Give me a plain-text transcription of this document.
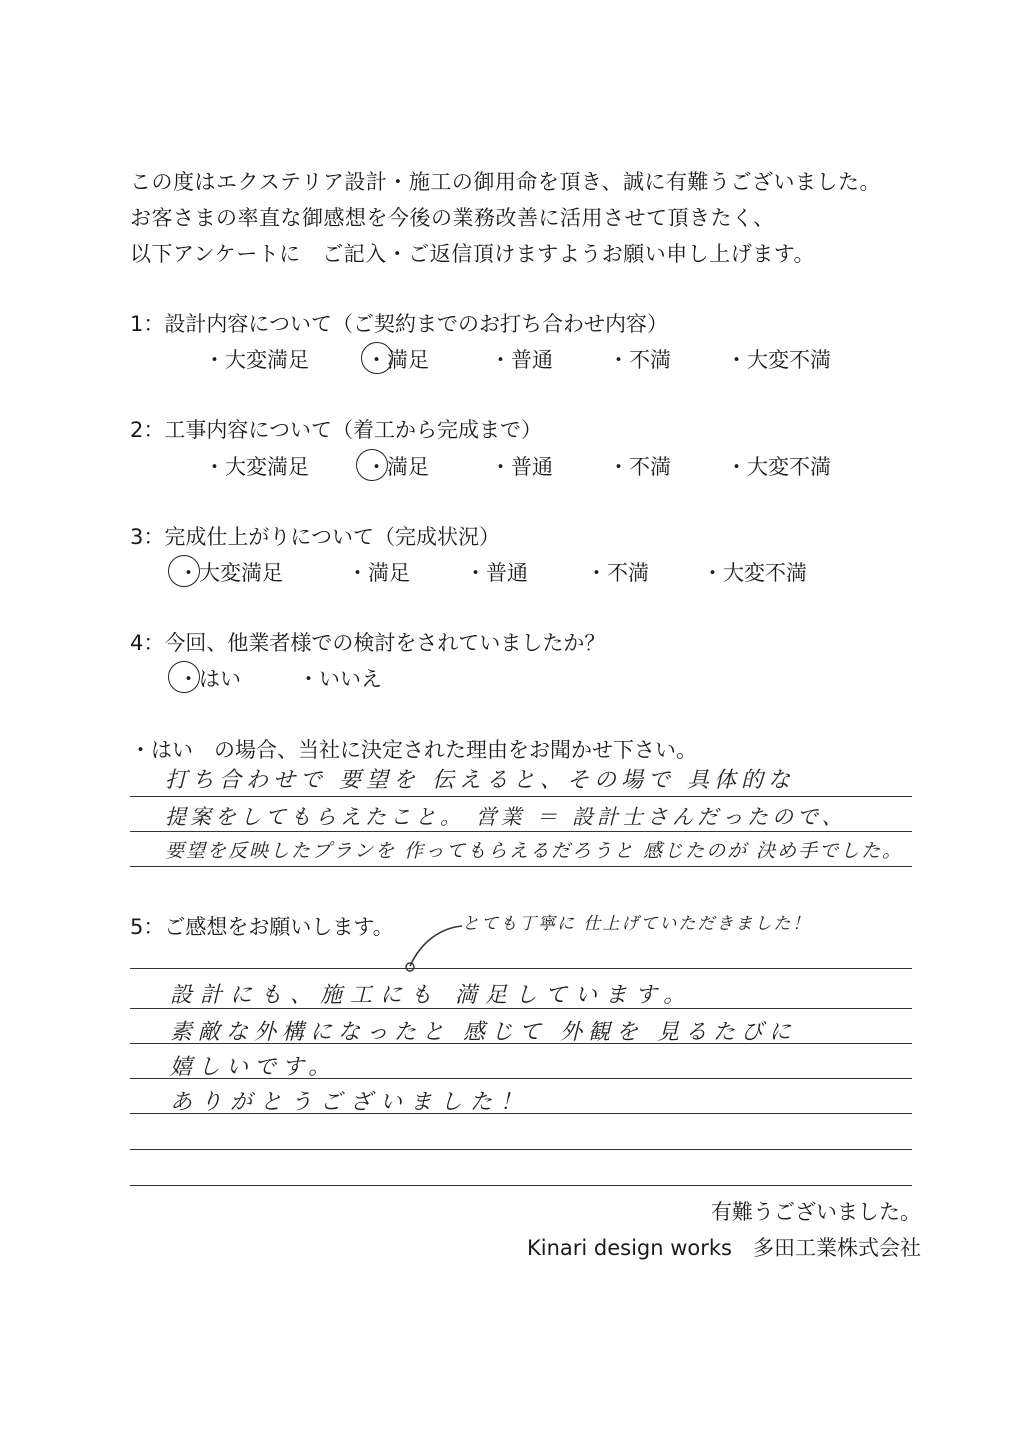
この度はエクステリア設計・施工の御用命を頂き、誠に有難うございました。
お客さまの率直な御感想を今後の業務改善に活用させて頂きたく、
以下アンケートに　ご記入・ご返信頂けますようお願い申し上げます。
1：設計内容について（ご契約までのお打ち合わせ内容）
・大変満足	・満足	・普通	・不満	・大変不満
2：工事内容について（着工から完成まで）
・大変満足	・満足	・普通	・不満	・大変不満
3：完成仕上がりについて（完成状況）
・大変満足	・満足	・普通	・不満	・大変不満
4：今回、他業者様での検討をされていましたか？
・はい	・いいえ
・はい　の場合、当社に決定された理由をお聞かせ下さい。
打ち合わせで 要望を 伝えると、その場で 具体的な
提案をしてもらえたこと。 営業 ＝ 設計士さんだったので、
要望を反映したプランを 作ってもらえるだろうと 感じたのが 決め手でした。
5：ご感想をお願いします。	とても丁寧に 仕上げていただきました！
設計にも、施工にも 満足しています。
素敵な外構になったと 感じて 外観を 見るたびに
嬉しいです。
ありがとうございました！
有難うございました。
Kinari design works　多田工業株式会社
